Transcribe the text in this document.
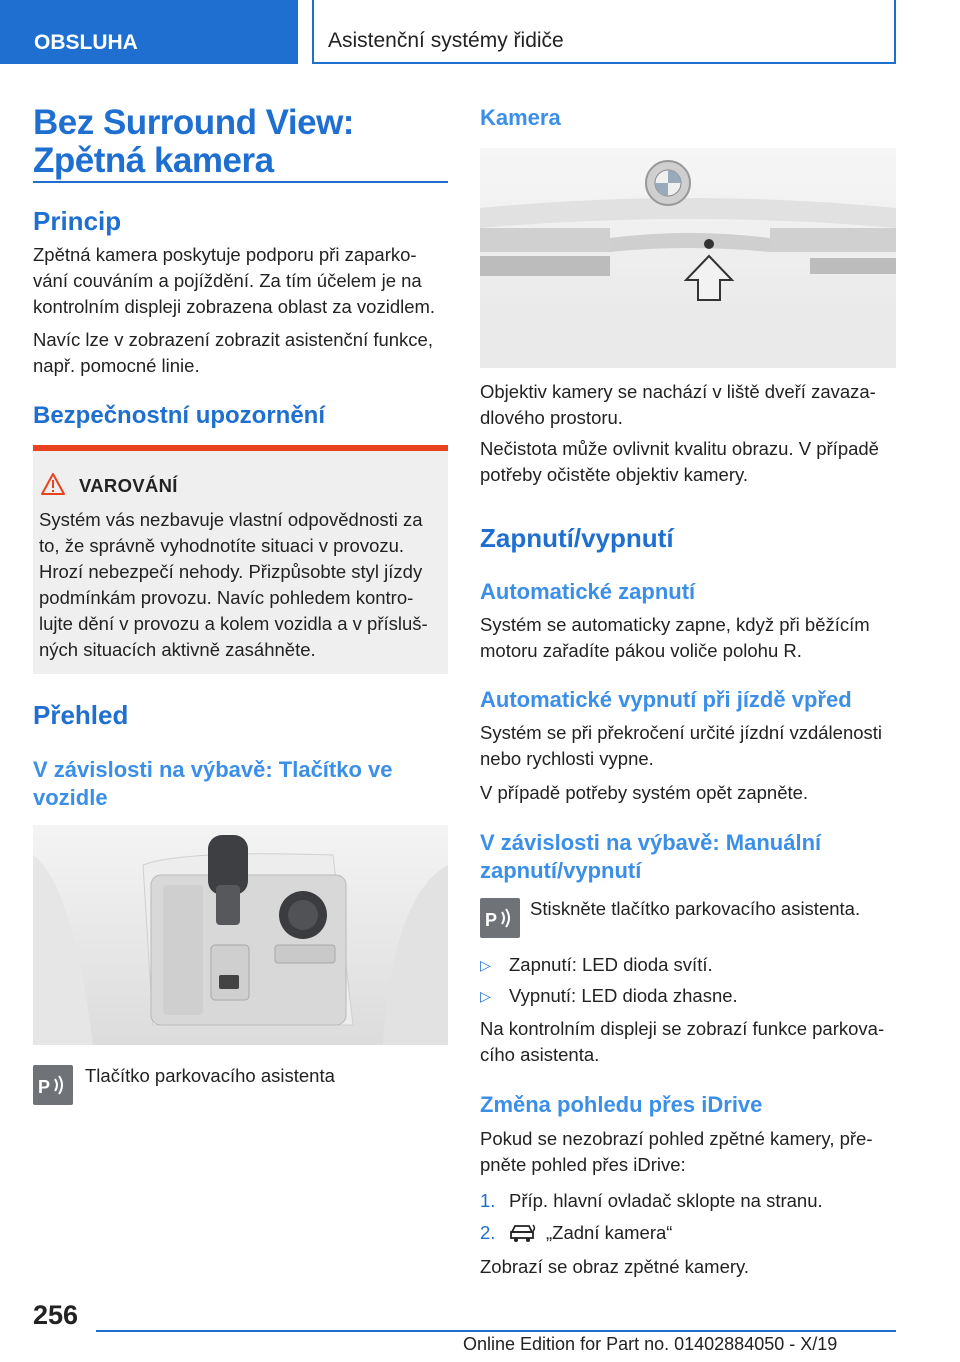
OBSLUHA	Asistenční systémy řidiče
Bez Surround View: Zpětná kamera
Princip
Zpětná kamera poskytuje podporu při zaparko-vání couváním a pojíždění. Za tím účelem je na kontrolním displeji zobrazena oblast za vozidlem.
Navíc lze v zobrazení zobrazit asistenční funkce, např. pomocné linie.
Bezpečnostní upozornění
VAROVÁNÍ
Systém vás nezbavuje vlastní odpovědnosti za to, že správně vyhodnotíte situaci v provozu. Hrozí nebezpečí nehody. Přizpůsobte styl jízdy podmínkám provozu. Navíc pohledem kontro-lujte dění v provozu a kolem vozidla a v přísluš-ných situacích aktivně zasáhněte.
Přehled
V závislosti na výbavě: Tlačítko ve vozidle
P
Tlačítko parkovacího asistenta
Kamera
Objektiv kamery se nachází v liště dveří zavaza-dlového prostoru.
Nečistota může ovlivnit kvalitu obrazu. V případě potřeby očistěte objektiv kamery.
Zapnutí/vypnutí
Automatické zapnutí
Systém se automaticky zapne, když při běžícím motoru zařadíte pákou voliče polohu R.
Automatické vypnutí při jízdě vpřed
Systém se při překročení určité jízdní vzdálenosti nebo rychlosti vypne.
V případě potřeby systém opět zapněte.
V závislosti na výbavě: Manuální zapnutí/vypnutí
P
Stiskněte tlačítko parkovacího asistenta.
▷ Zapnutí: LED dioda svítí.
▷ Vypnutí: LED dioda zhasne.
Na kontrolním displeji se zobrazí funkce parkova-cího asistenta.
Změna pohledu přes iDrive
Pokud se nezobrazí pohled zpětné kamery, pře-pněte pohled přes iDrive:
1. Příp. hlavní ovladač sklopte na stranu.
2.	„Zadní kamera“
Zobrazí se obraz zpětné kamery.
256
Online Edition for Part no. 01402884050 - X/19
